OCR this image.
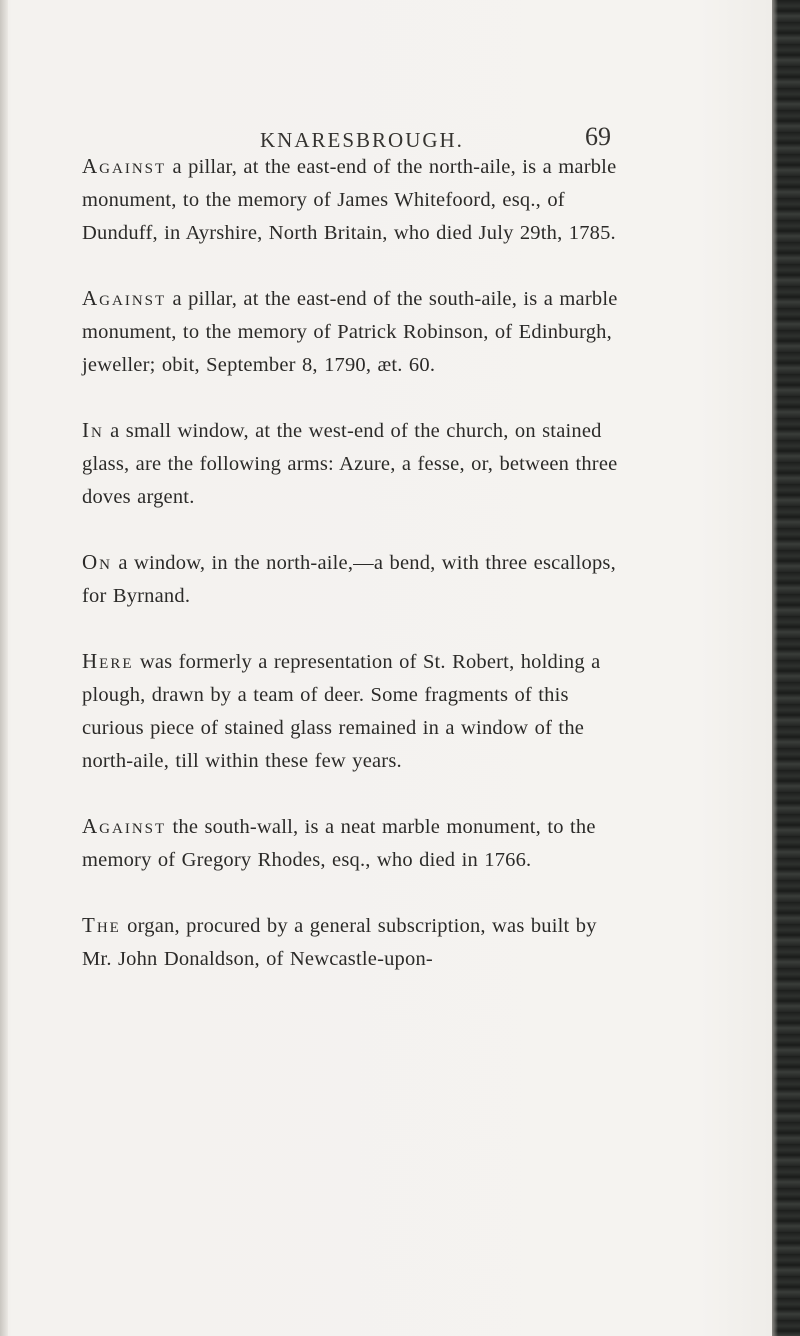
KNARESBROUGH.	69

Against a pillar, at the east-end of the north-aile, is a marble monument, to the memory of James Whitefoord, esq., of Dunduff, in Ayrshire, North Britain, who died July 29th, 1785.

Against a pillar, at the east-end of the south-aile, is a marble monument, to the memory of Patrick Robinson, of Edinburgh, jeweller; obit, September 8, 1790, æt. 60.

In a small window, at the west-end of the church, on stained glass, are the following arms: Azure, a fesse, or, between three doves argent.

On a window, in the north-aile,—a bend, with three escallops, for Byrnand.

Here was formerly a representation of St. Robert, holding a plough, drawn by a team of deer. Some fragments of this curious piece of stained glass remained in a window of the north-aile, till within these few years.

Against the south-wall, is a neat marble monument, to the memory of Gregory Rhodes, esq., who died in 1766.

The organ, procured by a general subscription, was built by Mr. John Donaldson, of Newcastle-upon-
